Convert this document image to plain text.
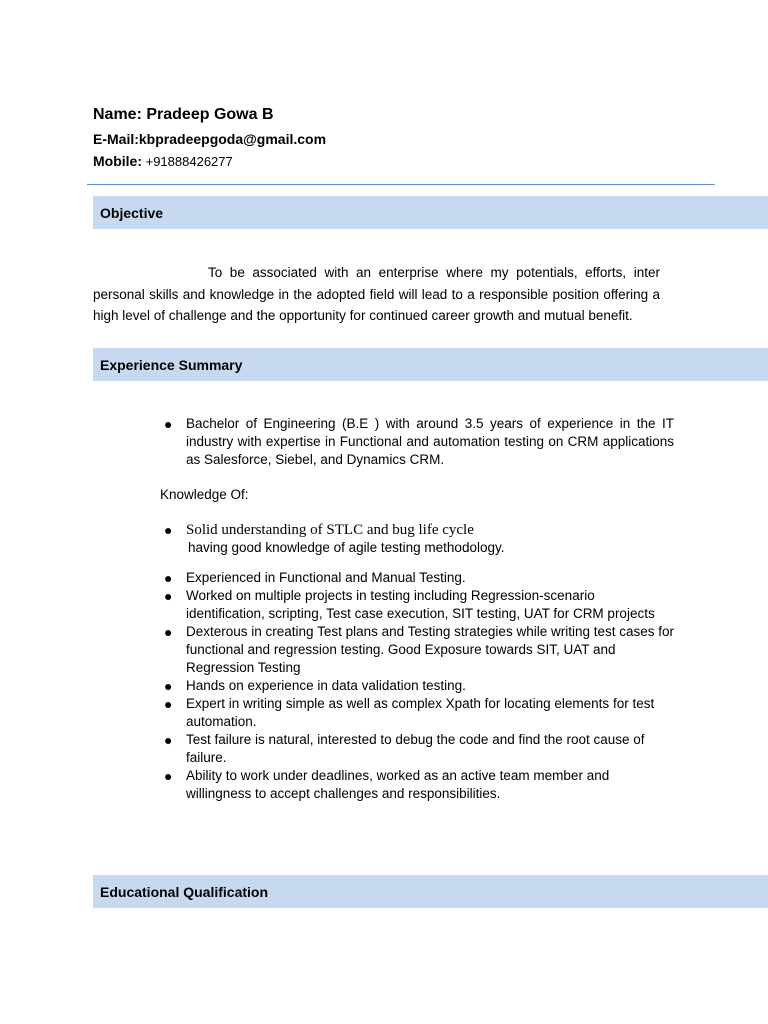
Name: Pradeep Gowa B
E-Mail:kbpradeepgoda@gmail.com
Mobile: +91888426277
Objective
To be associated with an enterprise where my potentials, efforts, inter personal skills and knowledge in the adopted field will lead to a responsible position offering a high level of challenge and the opportunity for continued career growth and mutual benefit.
Experience Summary
● Bachelor of Engineering (B.E ) with around 3.5 years of experience in the IT industry with expertise in Functional and automation testing on CRM applications as Salesforce, Siebel, and Dynamics CRM.
Knowledge Of:
● Solid understanding of STLC and bug life cycle
having good knowledge of agile testing methodology.
● Experienced in Functional and Manual Testing.
● Worked on multiple projects in testing including Regression-scenario identification, scripting, Test case execution, SIT testing, UAT for CRM projects
● Dexterous in creating Test plans and Testing strategies while writing test cases for functional and regression testing. Good Exposure towards SIT, UAT and Regression Testing
● Hands on experience in data validation testing.
● Expert in writing simple as well as complex Xpath for locating elements for test automation.
● Test failure is natural, interested to debug the code and find the root cause of failure.
● Ability to work under deadlines, worked as an active team member and willingness to accept challenges and responsibilities.
Educational Qualification
